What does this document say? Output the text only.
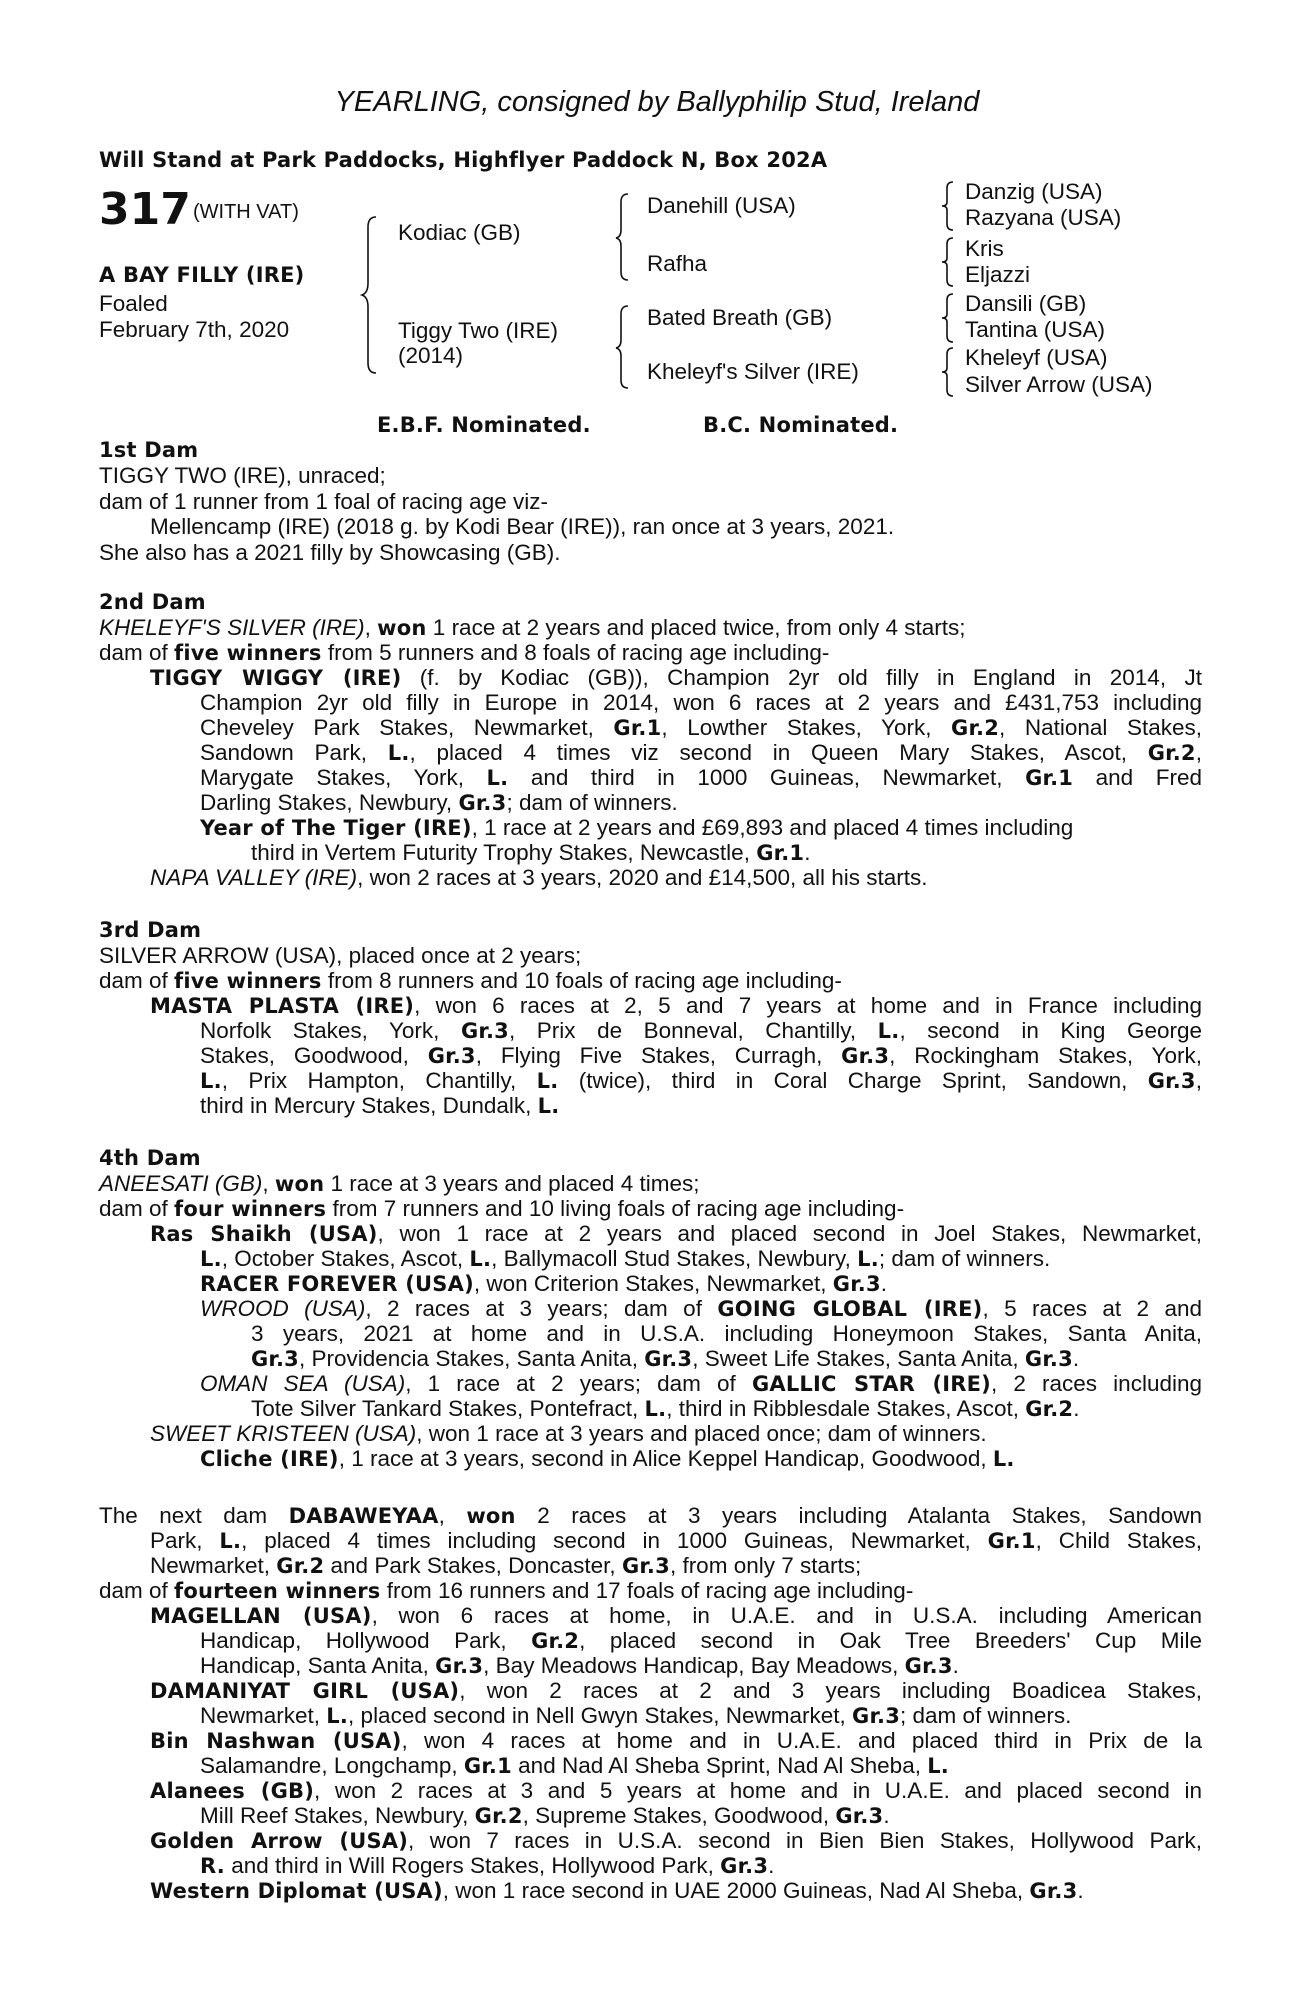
YEARLING, consigned by Ballyphilip Stud, Ireland
Will Stand at Park Paddocks, Highflyer Paddock N, Box 202A
317 (WITH VAT)
A BAY FILLY (IRE)
Foaled
February 7th, 2020
Kodiac (GB)
Tiggy Two (IRE)
(2014)
Danehill (USA)
Rafha
Bated Breath (GB)
Kheleyf's Silver (IRE)
Danzig (USA)
Razyana (USA)
Kris
Eljazzi
Dansili (GB)
Tantina (USA)
Kheleyf (USA)
Silver Arrow (USA)
E.B.F. Nominated.	B.C. Nominated.
1st Dam
TIGGY TWO (IRE), unraced;
dam of 1 runner from 1 foal of racing age viz-
Mellencamp (IRE) (2018 g. by Kodi Bear (IRE)), ran once at 3 years, 2021.
She also has a 2021 filly by Showcasing (GB).
2nd Dam
KHELEYF'S SILVER (IRE), won 1 race at 2 years and placed twice, from only 4 starts;
dam of five winners from 5 runners and 8 foals of racing age including-
TIGGY WIGGY (IRE) (f. by Kodiac (GB)), Champion 2yr old filly in England in 2014, Jt
Champion 2yr old filly in Europe in 2014, won 6 races at 2 years and £431,753 including
Cheveley Park Stakes, Newmarket, Gr.1, Lowther Stakes, York, Gr.2, National Stakes,
Sandown Park, L., placed 4 times viz second in Queen Mary Stakes, Ascot, Gr.2,
Marygate Stakes, York, L. and third in 1000 Guineas, Newmarket, Gr.1 and Fred
Darling Stakes, Newbury, Gr.3; dam of winners.
Year of The Tiger (IRE), 1 race at 2 years and £69,893 and placed 4 times including
third in Vertem Futurity Trophy Stakes, Newcastle, Gr.1.
NAPA VALLEY (IRE), won 2 races at 3 years, 2020 and £14,500, all his starts.
3rd Dam
SILVER ARROW (USA), placed once at 2 years;
dam of five winners from 8 runners and 10 foals of racing age including-
MASTA PLASTA (IRE), won 6 races at 2, 5 and 7 years at home and in France including
Norfolk Stakes, York, Gr.3, Prix de Bonneval, Chantilly, L., second in King George
Stakes, Goodwood, Gr.3, Flying Five Stakes, Curragh, Gr.3, Rockingham Stakes, York,
L., Prix Hampton, Chantilly, L. (twice), third in Coral Charge Sprint, Sandown, Gr.3,
third in Mercury Stakes, Dundalk, L.
4th Dam
ANEESATI (GB), won 1 race at 3 years and placed 4 times;
dam of four winners from 7 runners and 10 living foals of racing age including-
Ras Shaikh (USA), won 1 race at 2 years and placed second in Joel Stakes, Newmarket,
L., October Stakes, Ascot, L., Ballymacoll Stud Stakes, Newbury, L.; dam of winners.
RACER FOREVER (USA), won Criterion Stakes, Newmarket, Gr.3.
WROOD (USA), 2 races at 3 years; dam of GOING GLOBAL (IRE), 5 races at 2 and
3 years, 2021 at home and in U.S.A. including Honeymoon Stakes, Santa Anita,
Gr.3, Providencia Stakes, Santa Anita, Gr.3, Sweet Life Stakes, Santa Anita, Gr.3.
OMAN SEA (USA), 1 race at 2 years; dam of GALLIC STAR (IRE), 2 races including
Tote Silver Tankard Stakes, Pontefract, L., third in Ribblesdale Stakes, Ascot, Gr.2.
SWEET KRISTEEN (USA), won 1 race at 3 years and placed once; dam of winners.
Cliche (IRE), 1 race at 3 years, second in Alice Keppel Handicap, Goodwood, L.
The next dam DABAWEYAA, won 2 races at 3 years including Atalanta Stakes, Sandown
Park, L., placed 4 times including second in 1000 Guineas, Newmarket, Gr.1, Child Stakes,
Newmarket, Gr.2 and Park Stakes, Doncaster, Gr.3, from only 7 starts;
dam of fourteen winners from 16 runners and 17 foals of racing age including-
MAGELLAN (USA), won 6 races at home, in U.A.E. and in U.S.A. including American
Handicap, Hollywood Park, Gr.2, placed second in Oak Tree Breeders' Cup Mile
Handicap, Santa Anita, Gr.3, Bay Meadows Handicap, Bay Meadows, Gr.3.
DAMANIYAT GIRL (USA), won 2 races at 2 and 3 years including Boadicea Stakes,
Newmarket, L., placed second in Nell Gwyn Stakes, Newmarket, Gr.3; dam of winners.
Bin Nashwan (USA), won 4 races at home and in U.A.E. and placed third in Prix de la
Salamandre, Longchamp, Gr.1 and Nad Al Sheba Sprint, Nad Al Sheba, L.
Alanees (GB), won 2 races at 3 and 5 years at home and in U.A.E. and placed second in
Mill Reef Stakes, Newbury, Gr.2, Supreme Stakes, Goodwood, Gr.3.
Golden Arrow (USA), won 7 races in U.S.A. second in Bien Bien Stakes, Hollywood Park,
R. and third in Will Rogers Stakes, Hollywood Park, Gr.3.
Western Diplomat (USA), won 1 race second in UAE 2000 Guineas, Nad Al Sheba, Gr.3.
